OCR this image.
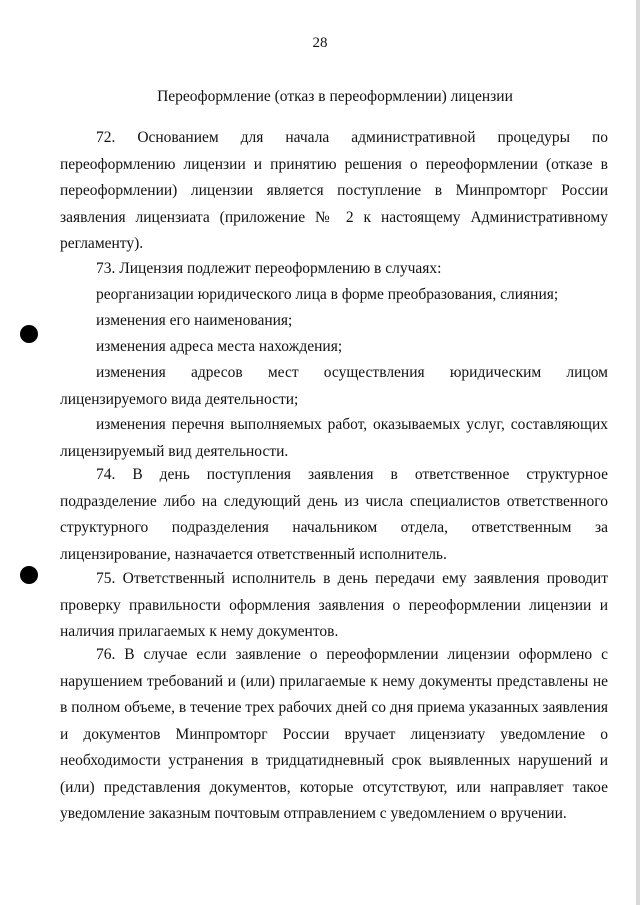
28
Переоформление (отказ в переоформлении) лицензии

72. Основанием для начала административной процедуры по переоформлению лицензии и принятию решения о переоформлении (отказе в переоформлении) лицензии является поступление в Минпромторг России заявления лицензиата (приложение № 2 к настоящему Административному регламенту).

73. Лицензия подлежит переоформлению в случаях:

реорганизации юридического лица в форме преобразования, слияния;

изменения его наименования;

изменения адреса места нахождения;

изменения адресов мест осуществления юридическим лицом лицензируемого вида деятельности;

изменения перечня выполняемых работ, оказываемых услуг, составляющих лицензируемый вид деятельности.

74. В день поступления заявления в ответственное структурное подразделение либо на следующий день из числа специалистов ответственного структурного подразделения начальником отдела, ответственным за лицензирование, назначается ответственный исполнитель.

75. Ответственный исполнитель в день передачи ему заявления проводит проверку правильности оформления заявления о переоформлении лицензии и наличия прилагаемых к нему документов.

76. В случае если заявление о переоформлении лицензии оформлено с нарушением требований и (или) прилагаемые к нему документы представлены не в полном объеме, в течение трех рабочих дней со дня приема указанных заявления и документов Минпромторг России вручает лицензиату уведомление о необходимости устранения в тридцатидневный срок выявленных нарушений и (или) представления документов, которые отсутствуют, или направляет такое уведомление заказным почтовым отправлением с уведомлением о вручении.
